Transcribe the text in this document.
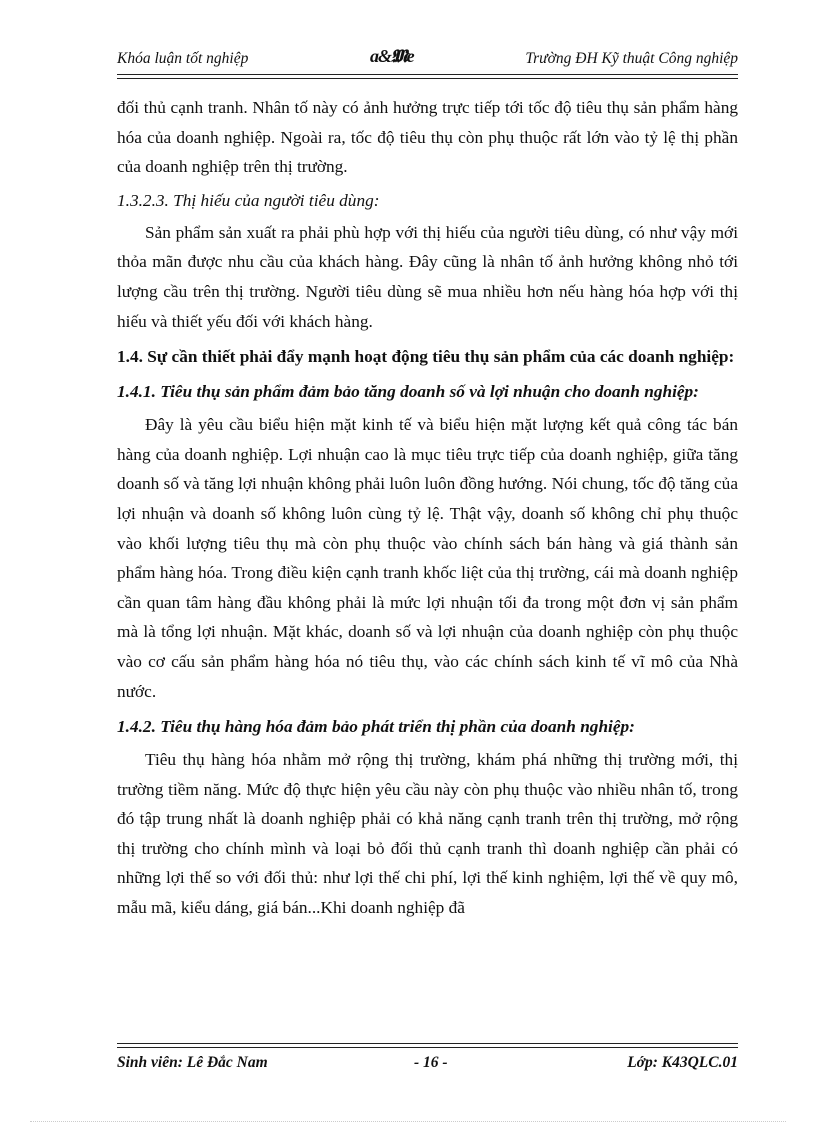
Khóa luận tốt nghiệp	a&𝕸e	Trường ĐH Kỹ thuật Công nghiệp

đối thủ cạnh tranh. Nhân tố này có ảnh hưởng trực tiếp tới tốc độ tiêu thụ sản phẩm hàng hóa của doanh nghiệp. Ngoài ra, tốc độ tiêu thụ còn phụ thuộc rất lớn vào tỷ lệ thị phần của doanh nghiệp trên thị trường.

1.3.2.3. Thị hiếu của người tiêu dùng:

Sản phẩm sản xuất ra phải phù hợp với thị hiếu của người tiêu dùng, có như vậy mới thỏa mãn được nhu cầu của khách hàng. Đây cũng là nhân tố ảnh hưởng không nhỏ tới lượng cầu trên thị trường. Người tiêu dùng sẽ mua nhiều hơn nếu hàng hóa hợp với thị hiếu và thiết yếu đối với khách hàng.

1.4. Sự cần thiết phải đẩy mạnh hoạt động tiêu thụ sản phẩm của các doanh nghiệp:

1.4.1. Tiêu thụ sản phẩm đảm bảo tăng doanh số và lợi nhuận cho doanh nghiệp:

Đây là yêu cầu biểu hiện mặt kinh tế và biểu hiện mặt lượng kết quả công tác bán hàng của doanh nghiệp. Lợi nhuận cao là mục tiêu trực tiếp của doanh nghiệp, giữa tăng doanh số và tăng lợi nhuận không phải luôn luôn đồng hướng. Nói chung, tốc độ tăng của lợi nhuận và doanh số không luôn cùng tỷ lệ. Thật vậy, doanh số không chỉ phụ thuộc vào khối lượng tiêu thụ mà còn phụ thuộc vào chính sách bán hàng và giá thành sản phẩm hàng hóa. Trong điều kiện cạnh tranh khốc liệt của thị trường, cái mà doanh nghiệp cần quan tâm hàng đầu không phải là mức lợi nhuận tối đa trong một đơn vị sản phẩm mà là tổng lợi nhuận. Mặt khác, doanh số và lợi nhuận của doanh nghiệp còn phụ thuộc vào cơ cấu sản phẩm hàng hóa nó tiêu thụ, vào các chính sách kinh tế vĩ mô của Nhà nước.

1.4.2. Tiêu thụ hàng hóa đảm bảo phát triển thị phần của doanh nghiệp:

Tiêu thụ hàng hóa nhằm mở rộng thị trường, khám phá những thị trường mới, thị trường tiềm năng. Mức độ thực hiện yêu cầu này còn phụ thuộc vào nhiều nhân tố, trong đó tập trung nhất là doanh nghiệp phải có khả năng cạnh tranh trên thị trường, mở rộng thị trường cho chính mình và loại bỏ đối thủ cạnh tranh thì doanh nghiệp cần phải có những lợi thế so với đối thủ: như lợi thế chi phí, lợi thế kinh nghiệm, lợi thế về quy mô, mẫu mã, kiểu dáng, giá bán...Khi doanh nghiệp đã

Sinh viên: Lê Đắc Nam	- 16 -	Lớp: K43QLC.01
